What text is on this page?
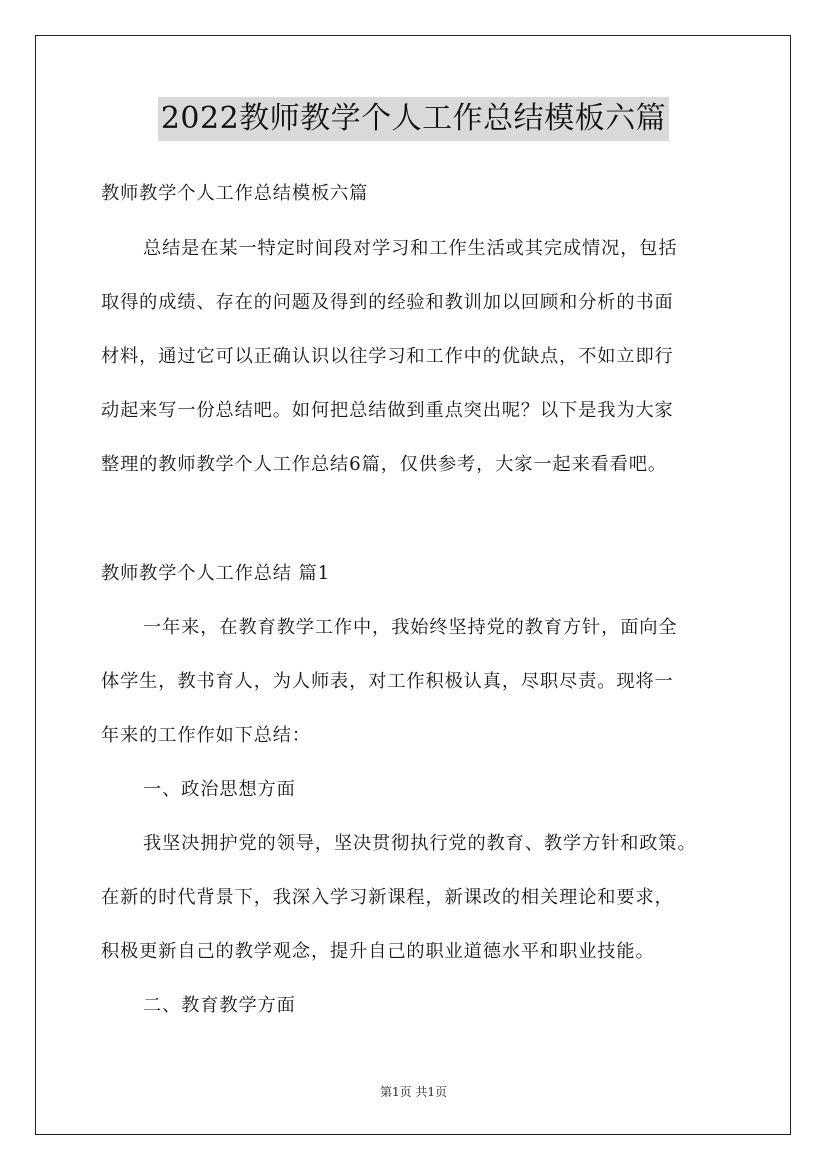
2022教师教学个人工作总结模板六篇
教师教学个人工作总结模板六篇
总结是在某一特定时间段对学习和工作生活或其完成情况，包括
取得的成绩、存在的问题及得到的经验和教训加以回顾和分析的书面
材料，通过它可以正确认识以往学习和工作中的优缺点，不如立即行
动起来写一份总结吧。如何把总结做到重点突出呢？以下是我为大家
整理的教师教学个人工作总结6篇，仅供参考，大家一起来看看吧。
教师教学个人工作总结 篇1
一年来，在教育教学工作中，我始终坚持党的教育方针，面向全
体学生，教书育人，为人师表，对工作积极认真，尽职尽责。现将一
年来的工作作如下总结：
一、政治思想方面
我坚决拥护党的领导，坚决贯彻执行党的教育、教学方针和政策。
在新的时代背景下，我深入学习新课程，新课改的相关理论和要求，
积极更新自己的教学观念，提升自己的职业道德水平和职业技能。
二、教育教学方面
第1页 共1页
